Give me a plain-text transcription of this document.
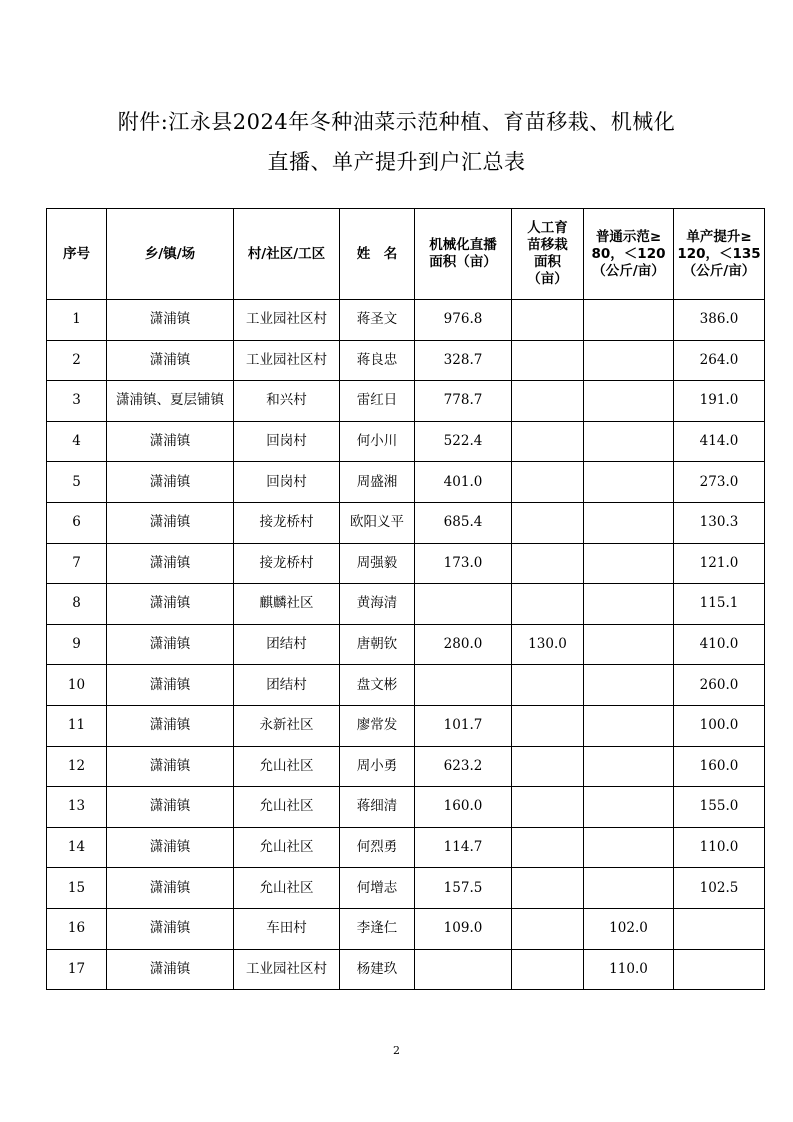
附件:江永县2024年冬种油菜示范种植、育苗移栽、机械化
直播、单产提升到户汇总表
序号	乡/镇/场	村/社区/工区	姓　名	机械化直播
面积（亩）	人工育
苗移栽
面积
（亩）	普通示范≥
80，＜120
（公斤/亩）	单产提升≥
120，＜135
（公斤/亩）

1	潇浦镇	工业园社区村	蒋圣文	976.8			386.0
2	潇浦镇	工业园社区村	蒋良忠	328.7			264.0
3	潇浦镇、夏层铺镇	和兴村	雷红日	778.7			191.0
4	潇浦镇	回岗村	何小川	522.4			414.0
5	潇浦镇	回岗村	周盛湘	401.0			273.0
6	潇浦镇	接龙桥村	欧阳义平	685.4			130.3
7	潇浦镇	接龙桥村	周强毅	173.0			121.0
8	潇浦镇	麒麟社区	黄海清				115.1
9	潇浦镇	团结村	唐朝钦	280.0	130.0		410.0
10	潇浦镇	团结村	盘文彬				260.0
11	潇浦镇	永新社区	廖常发	101.7			100.0
12	潇浦镇	允山社区	周小勇	623.2			160.0
13	潇浦镇	允山社区	蒋细清	160.0			155.0
14	潇浦镇	允山社区	何烈勇	114.7			110.0
15	潇浦镇	允山社区	何增志	157.5			102.5
16	潇浦镇	车田村	李逢仁	109.0		102.0	
17	潇浦镇	工业园社区村	杨建玖			110.0	
2
